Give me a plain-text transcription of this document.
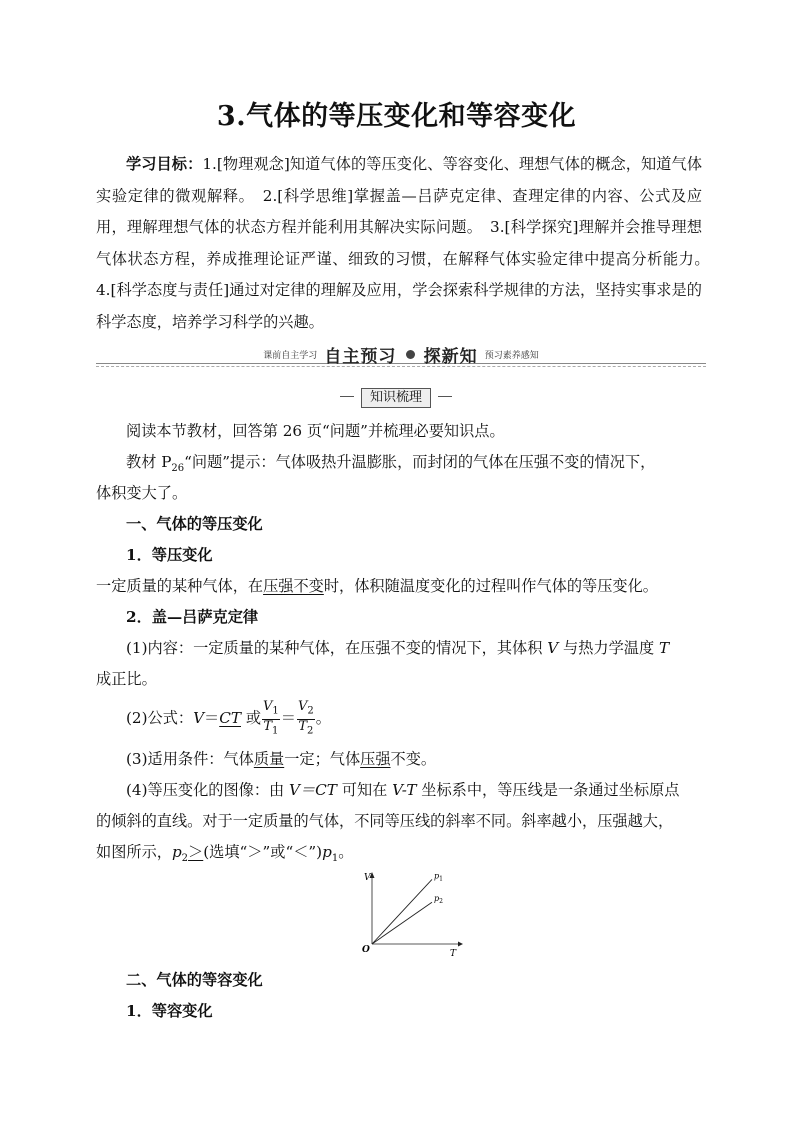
3.气体的等压变化和等容变化
学习目标：1.[物理观念]知道气体的等压变化、等容变化、理想气体的概念，知道气体实验定律的微观解释。　 2.[科学思维]掌握盖—吕萨克定律、查理定律的内容、公式及应用，理解理想气体的状态方程并能利用其解决实际问题。　 3.[科学探究]理解并会推导理想气体状态方程，养成推理论证严谨、细致的习惯，在解释气体实验定律中提高分析能力。　4.[科学态度与责任]通过对定律的理解及应用，学会探索科学规律的方法，坚持实事求是的科学态度，培养学习科学的兴趣。
课前自主学习 自主预习 探新知 预习素养感知
知识梳理
阅读本节教材，回答第 26 页“问题”并梳理必要知识点。
教材 $P_{26}“$问题”提示：气体吸热升温膨胀，而封闭的气体在压强不变的情况下，
体积变大了。
一、气体的等压变化
1．等压变化
一定质量的某种气体，在压强不变时，体积随温度变化的过程叫作气体的等压变化。
2．盖—吕萨克定律
(1)内容：一定质量的某种气体，在压强不变的情况下，其体积 V 与热力学温度 T
成正比。
(2)公式：V＝CT 或 $\frac{V_1}{T_1} = \frac{V_2}{T_2}$ 。
(3)适用条件：气体质量一定；气体压强不变。
(4)等压变化的图像：由 V＝CT 可知在 V-T 坐标系中，等压线是一条通过坐标原点
的倾斜的直线。对于一定质量的气体，不同等压线的斜率不同。斜率越小，压强越大，
如图所示，$p_2>$(选填“＞”或“$<”)p_1$。
V
T
O
$p_1$
$p_2$
二、气体的等容变化
1．等容变化
